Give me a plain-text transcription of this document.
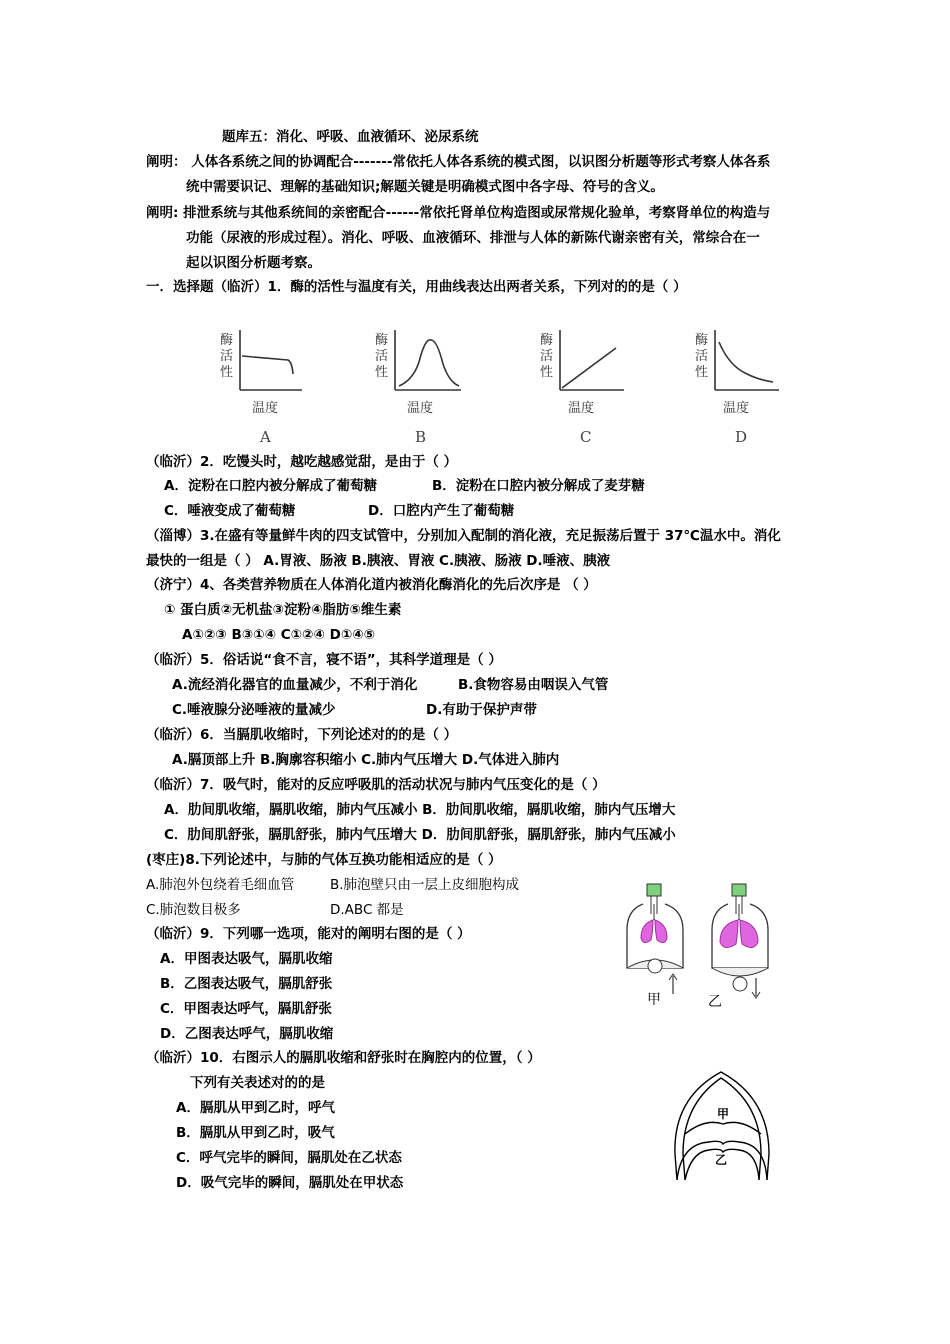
题库五：消化、呼吸、血液循环、泌尿系统
阐明： 人体各系统之间的协调配合-------常依托人体各系统的模式图，以识图分析题等形式考察人体各系
统中需要识记、理解的基础知识;解题关键是明确模式图中各字母、符号的含义。
阐明: 排泄系统与其他系统间的亲密配合------常依托肾单位构造图或尿常规化验单，考察肾单位的构造与
功能（尿液的形成过程）。消化、呼吸、血液循环、排泄与人体的新陈代谢亲密有关，常综合在一
起以识图分析题考察。
一．选择题（临沂）1．酶的活性与温度有关，用曲线表达出两者关系，下列对的的是（ ）
酶
活
性
温度
A
酶
活
性
温度
B
酶
活
性
温度
C
酶
活
性
温度
D
（临沂）2．吃馒头时，越吃越感觉甜，是由于（ ）
A．淀粉在口腔内被分解成了葡萄糖	B．淀粉在口腔内被分解成了麦芽糖
C．唾液变成了葡萄糖	D．口腔内产生了葡萄糖
（淄博）3.在盛有等量鲜牛肉的四支试管中，分别加入配制的消化液，充足振荡后置于 37℃温水中。消化
最快的一组是（ ） A.胃液、肠液 B.胰液、胃液 C.胰液、肠液 D.唾液、胰液
（济宁）4、各类营养物质在人体消化道内被消化酶消化的先后次序是 （ ）
① 蛋白质②无机盐③淀粉④脂肪⑤维生素
A①②③ B③①④ C①②④ D①④⑤
（临沂）5．俗话说“食不言，寝不语”，其科学道理是（ ）
A.流经消化器官的血量减少，不利于消化	B.食物容易由咽误入气管
C.唾液腺分泌唾液的量减少	D.有助于保护声带
（临沂）6．当膈肌收缩时，下列论述对的的是（ ）
A.膈顶部上升 B.胸廓容积缩小 C.肺内气压增大 D.气体进入肺内
（临沂）7．吸气时，能对的反应呼吸肌的活动状况与肺内气压变化的是（ ）
A．肋间肌收缩，膈肌收缩，肺内气压减小 B．肋间肌收缩，膈肌收缩，肺内气压增大
C．肋间肌舒张，膈肌舒张，肺内气压增大 D．肋间肌舒张，膈肌舒张，肺内气压减小
(枣庄)8.下列论述中，与肺的气体互换功能相适应的是（ ）
A.肺泡外包绕着毛细血管	B.肺泡壁只由一层上皮细胞构成
C.肺泡数目极多	D.ABC 都是
（临沂）9．下列哪一选项，能对的阐明右图的是（ ）
A．甲图表达吸气，膈肌收缩
B．乙图表达吸气，膈肌舒张
C．甲图表达呼气，膈肌舒张
D．乙图表达呼气，膈肌收缩
甲	乙
（临沂）10．右图示人的膈肌收缩和舒张时在胸腔内的位置，（ ）
下列有关表述对的的是
A．膈肌从甲到乙时，呼气
B．膈肌从甲到乙时，吸气
C．呼气完毕的瞬间，膈肌处在乙状态
D．吸气完毕的瞬间，膈肌处在甲状态
甲
乙
